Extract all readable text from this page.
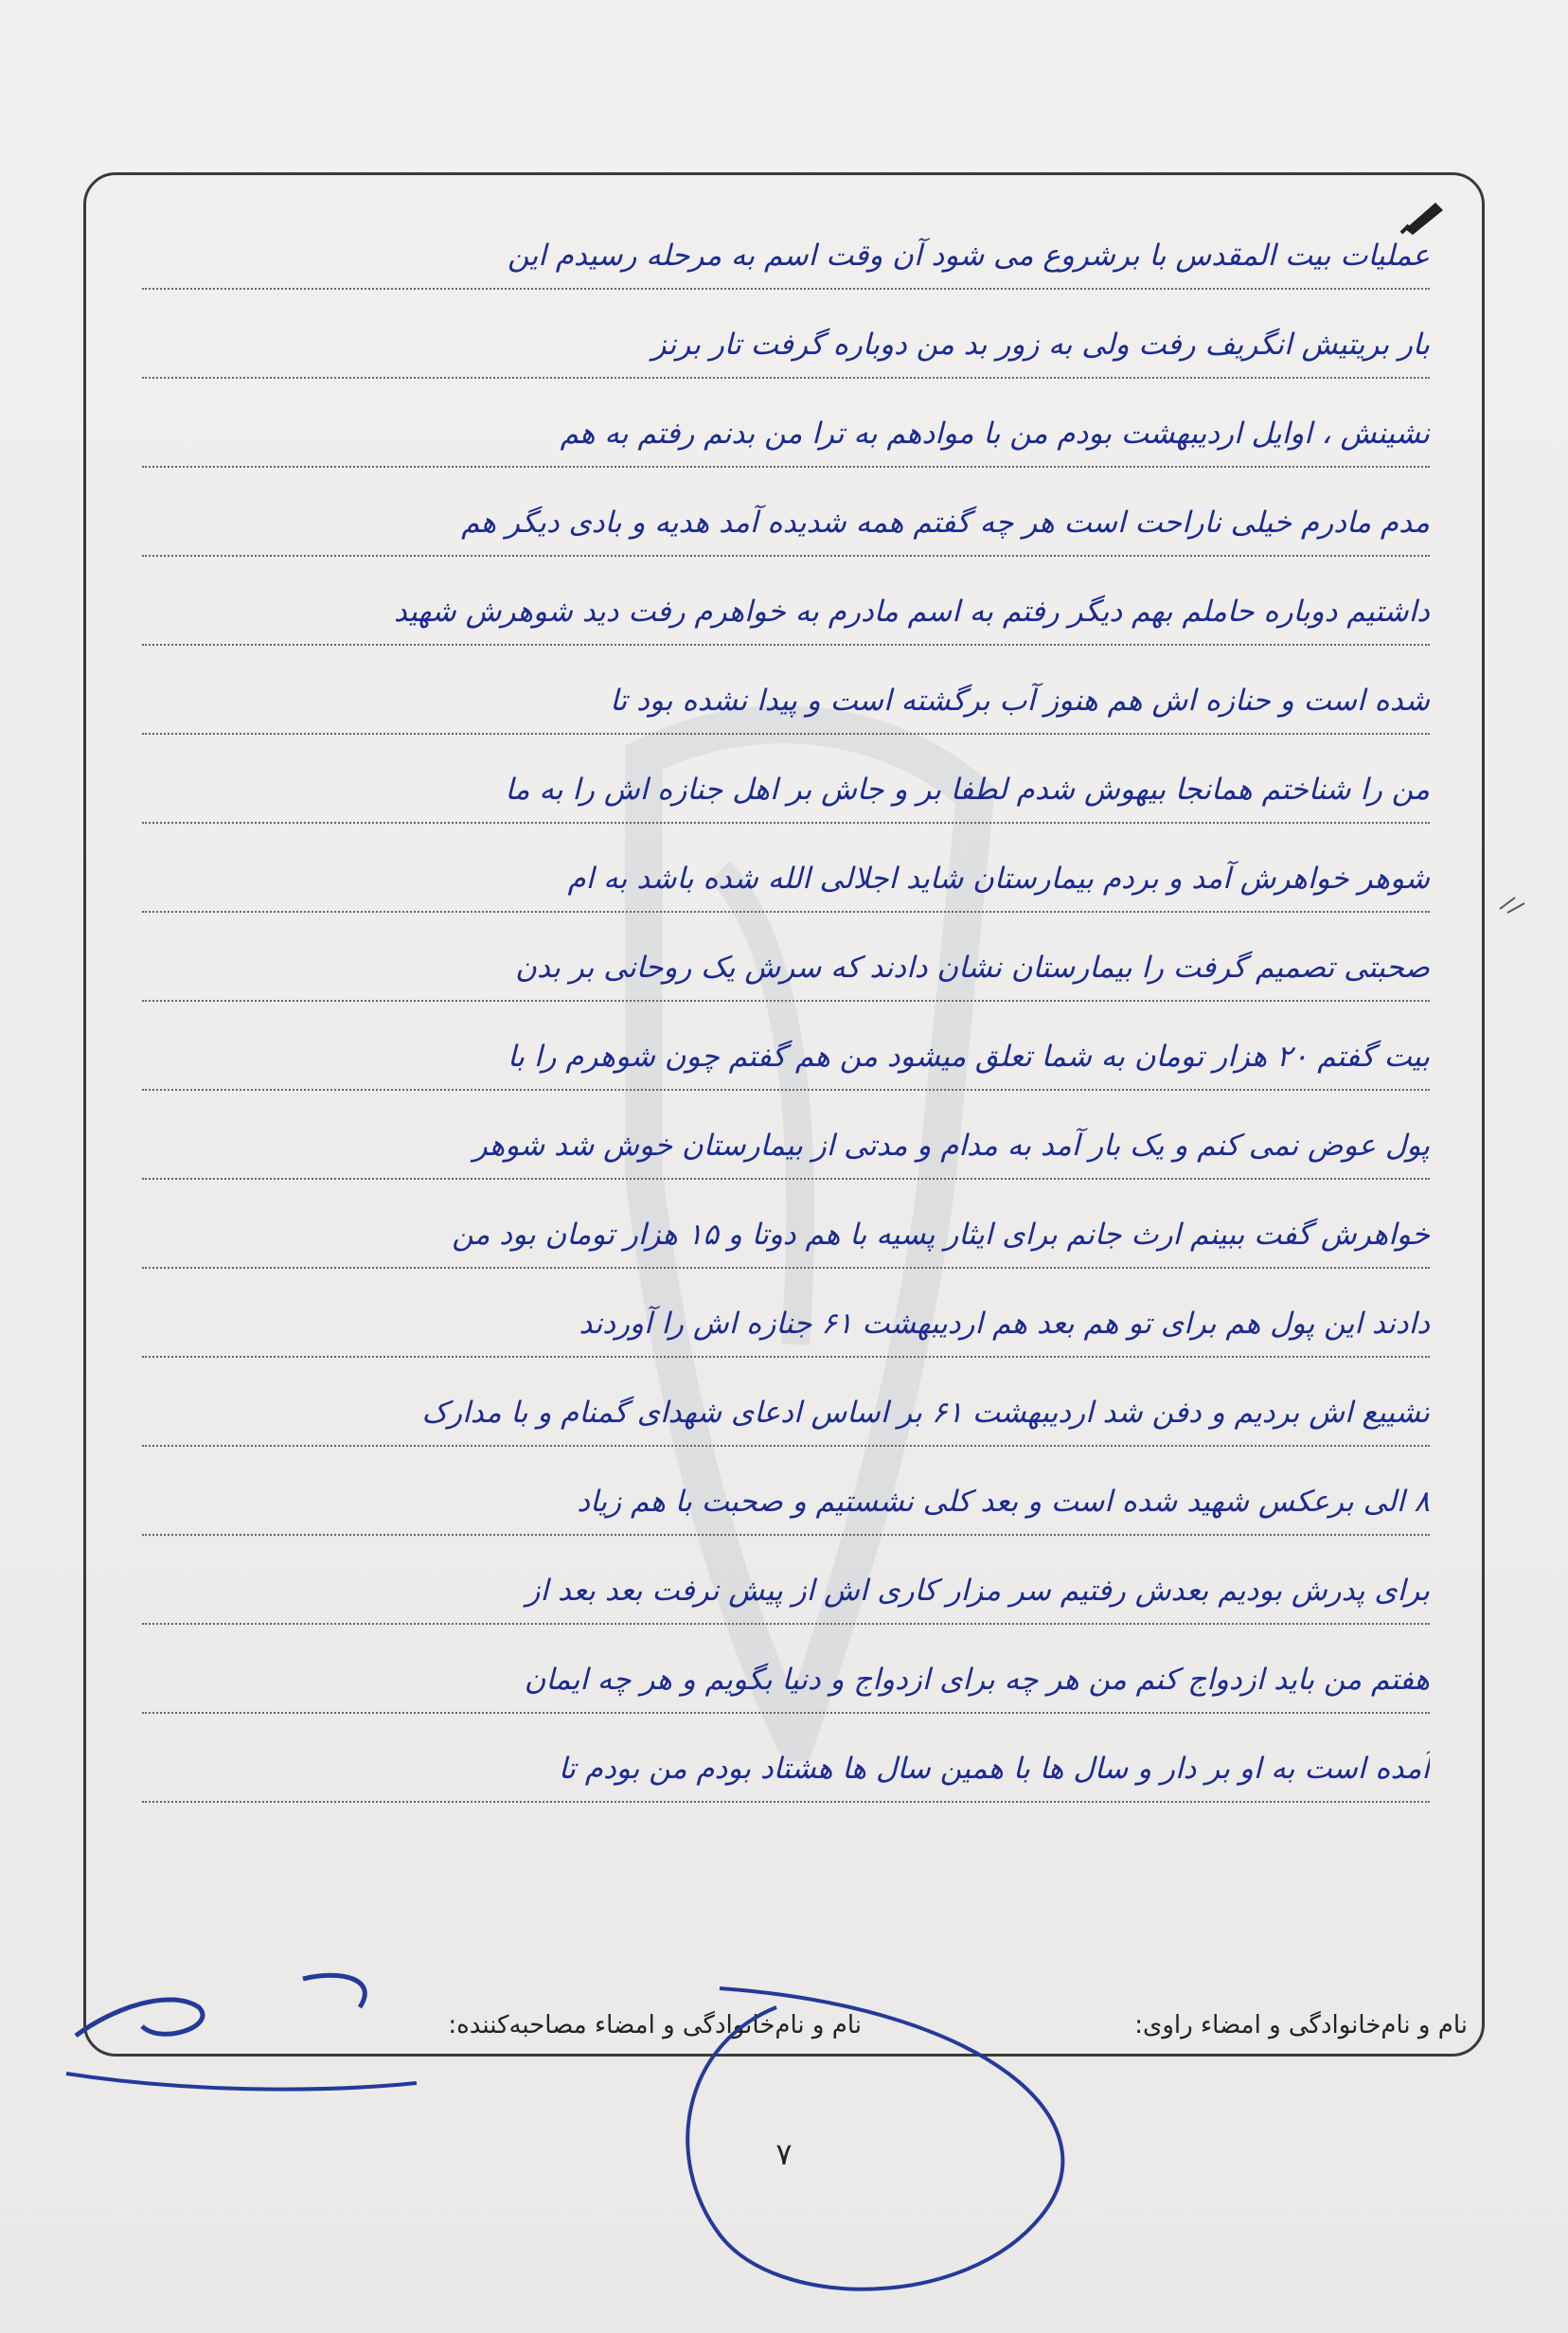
عملیات بیت المقدس با برشروع می شود آن وقت اسم به مرحله رسیدم این
بار بریتیش انگریف رفت ولی به زور بد من دوباره گرفت تار برنز
نشینش ، اوایل اردیبهشت بودم من با موادهم به ترا من بدنم رفتم به هم
مدم مادرم خیلی ناراحت است هر چه گفتم همه شدیده آمد هدیه و بادی دیگر هم
داشتیم دوباره حاملم بهم دیگر رفتم به اسم مادرم به خواهرم رفت دید شوهرش شهید
شده است و حنازه اش هم هنوز آب برگشته است و پیدا نشده بود تا
من را شناختم همانجا بیهوش شدم لطفا بر و جاش بر اهل جنازه اش را به ما
شوهر خواهرش آمد و بردم بیمارستان شاید اجلالی الله شده باشد به ام
صحبتی تصمیم گرفت را بیمارستان نشان دادند که سرش یک روحانی بر بدن
بیت گفتم ۲۰ هزار تومان به شما تعلق میشود من هم گفتم چون شوهرم را با
پول عوض نمی کنم و یک بار آمد به مدام و مدتی از بیمارستان خوش شد شوهر
خواهرش گفت ببینم ارث جانم برای ایثار پسیه با هم دوتا و ۱۵ هزار تومان بود من
دادند این پول هم برای تو هم بعد هم اردیبهشت ۶۱ جنازه اش را آوردند
تشییع اش بردیم و دفن شد اردیبهشت ۶۱ بر اساس ادعای شهدای گمنام و با مدارک
۸ الی برعکس شهید شده است و بعد کلی نشستیم و صحبت با هم زیاد
برای پدرش بودیم بعدش رفتیم سر مزار کاری اش از پیش نرفت بعد بعد از
هفتم من باید ازدواج کنم من هر چه برای ازدواج و دنیا بگویم و هر چه ایمان
آمده است به او بر دار و سال ها با همین سال ها هشتاد بودم من بودم تا
نام و نام‌خانوادگی و امضاء راوی:
نام و نام‌خانوادگی و امضاء مصاحبه‌کننده:
۷
